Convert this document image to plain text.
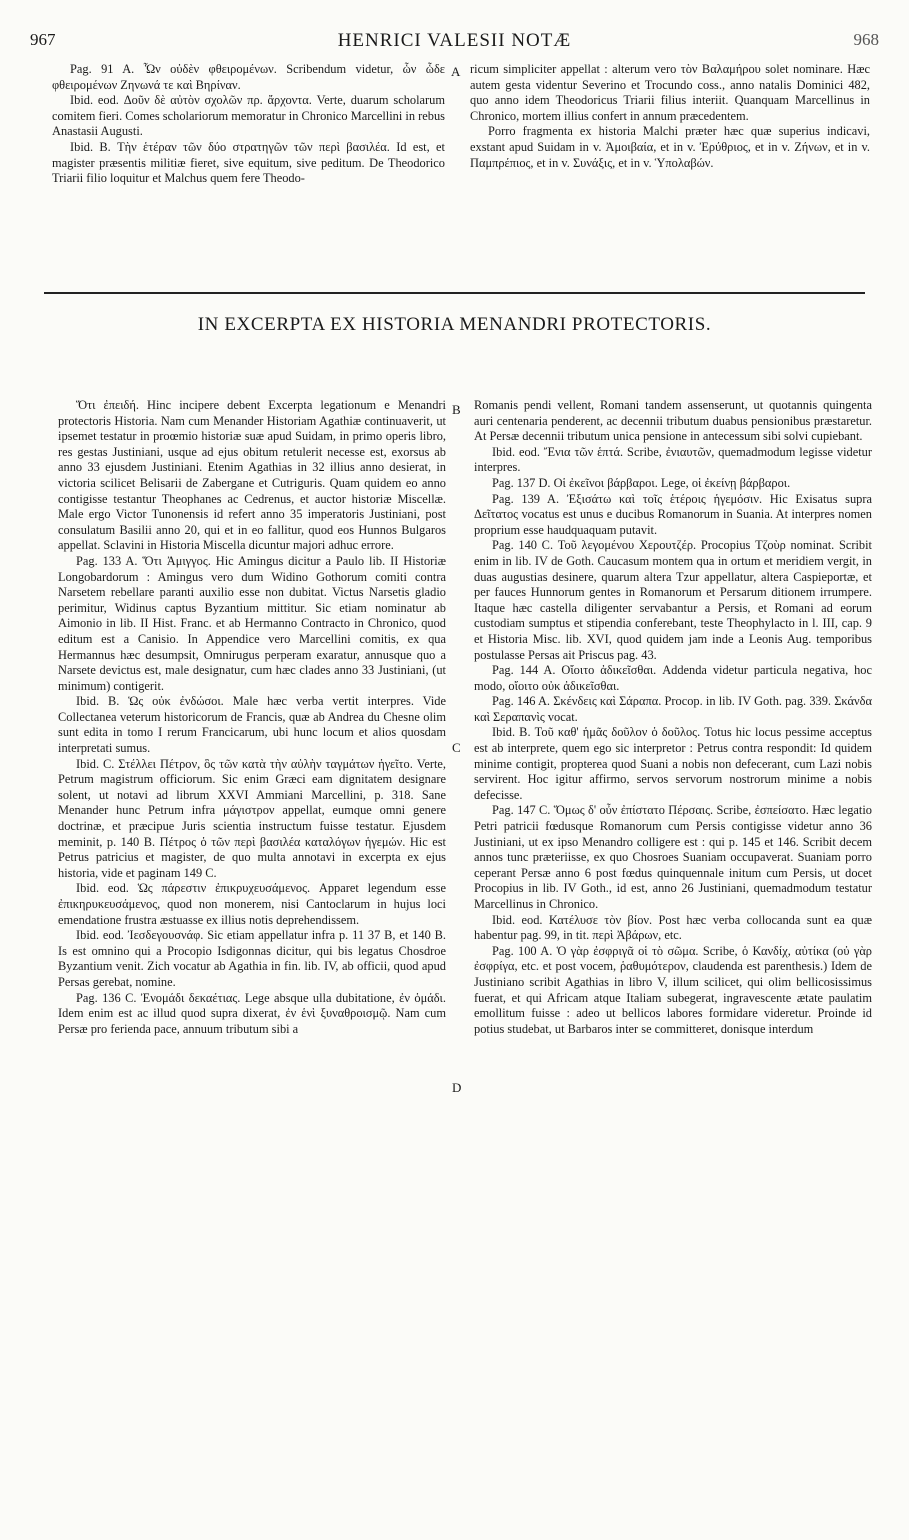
967	HENRICI VALESII NOTÆ	968

Pag. 91 A. Ὧν οὐδὲν φθειρομένων. Scribendum videtur, ὧν ὧδε φθειρομένων Ζηνωνά τε καὶ Βηρίναν.

Ibid. eod. Δοῦν δὲ αὐτὸν σχολῶν πρ. ἄρχοντα. Verte, duarum scholarum comitem fieri. Comes scholariorum memoratur in Chronico Marcellini in rebus Anastasii Augusti.

Ibid. B. Τὴν ἑτέραν τῶν δύο στρατηγῶν τῶν περὶ βασιλέα. Id est, et magister præsentis militiæ fieret, sive equitum, sive peditum. De Theodorico Triarii filio loquitur et Malchus quem fere Theodo-

A ricum simpliciter appellat : alterum vero τὸν Βαλαμήρου solet nominare. Hæc autem gesta videntur Severino et Trocundo coss., anno natalis Dominici 482, quo anno idem Theodoricus Triarii filius interiit. Quanquam Marcellinus in Chronico, mortem illius confert in annum præcedentem.

Porro fragmenta ex historia Malchi præter hæc quæ superius indicavi, exstant apud Suidam in v. Ἀμοιβαία, et in v. Ἐρύθριος, et in v. Ζήνων, et in v. Παμπρέπιος, et in v. Συνάξις, et in v. Ὑπολαβών.

IN EXCERPTA EX HISTORIA MENANDRI PROTECTORIS.

Ὅτι ἐπειδή. Hinc incipere debent Excerpta legationum e Menandri protectoris Historia. Nam cum Menander Historiam Agathiæ continuaverit, ut ipsemet testatur in proœmio historiæ suæ apud Suidam, in primo operis libro, res gestas Justiniani, usque ad ejus obitum retulerit necesse est, exorsus ab anno 33 ejusdem Justiniani. Etenim Agathias in 32 illius anno desierat, in victoria scilicet Belisarii de Zabergane et Cutriguris. Quam quidem eo anno contigisse testantur Theophanes ac Cedrenus, et auctor historiæ Miscellæ. Male ergo Victor Tunonensis id refert anno 35 imperatoris Justiniani, post consulatum Basilii anno 20, qui et in eo fallitur, quod eos Hunnos Bulgaros appellat. Sclavini in Historia Miscella dicuntur majori adhuc errore.

Pag. 133 A. Ὅτι Ἀμιγγος. Hic Amingus dicitur a Paulo lib. II Historiæ Longobardorum : Amingus vero dum Widino Gothorum comiti contra Narsetem rebellare paranti auxilio esse non dubitat. Victus Narsetis gladio perimitur, Widinus captus Byzantium mittitur. Sic etiam nominatur ab Aimonio in lib. II Hist. Franc. et ab Hermanno Contracto in Chronico, quod editum est a Canisio. In Appendice vero Marcellini comitis, ex qua Hermannus hæc desumpsit, Omnirugus perperam exaratur, annusque quo a Narsete devictus est, male designatur, cum hæc clades anno 33 Justiniani, (ut minimum) contigerit.

Ibid. B. Ὡς οὐκ ἐνδώσοι. Male hæc verba vertit interpres. Vide Collectanea veterum historicorum de Francis, quæ ab Andrea du Chesne olim sunt edita in tomo I rerum Francicarum, ubi hunc locum et alios quosdam interpretati sumus.

Ibid. C. Στέλλει Πέτρον, ὃς τῶν κατὰ τὴν αὐλὴν ταγμάτων ἡγεῖτο. Verte, Petrum magistrum officiorum. Sic enim Græci eam dignitatem designare solent, ut notavi ad librum XXVI Ammiani Marcellini, p. 318. Sane Menander hunc Petrum infra μάγιστρον appellat, eumque omni genere doctrinæ, et præcipue Juris scientia instructum fuisse testatur. Ejusdem meminit, p. 140 B. Πέτρος ὁ τῶν περὶ βασιλέα καταλόγων ἡγεμών. Hic est Petrus patricius et magister, de quo multa annotavi in excerpta ex ejus historia, vide et paginam 149 C.

Ibid. eod. Ὡς πάρεστιν ἐπικρυχευσάμενος. Apparet legendum esse ἐπικηρυκευσάμενος, quod non monerem, nisi Cantoclarum in hujus loci emendatione frustra æstuasse ex illius notis deprehendissem.

Ibid. eod. Ἰεσδεγουσνάφ. Sic etiam appellatur infra p. 11 37 B, et 140 B. Is est omnino qui a Procopio Isdigonnas dicitur, qui bis legatus Chosdroe Byzantium venit. Zich vocatur ab Agathia in fin. lib. IV, ab officii, quod apud Persas gerebat, nomine.

Pag. 136 C. Ἐνομάδι δεκαέτιας. Lege absque ulla dubitatione, ἐν ὁμάδι. Idem enim est ac illud quod supra dixerat, ἐν ἑνὶ ξυναθροισμῷ. Nam cum Persæ pro ferienda pace, annuum tributum sibi a

B
C
D

Romanis pendi vellent, Romani tandem assenserunt, ut quotannis quingenta auri centenaria penderent, ac decennii tributum duabus pensionibus præstaretur. At Persæ decennii tributum unica pensione in antecessum sibi solvi cupiebant.

Ibid. eod. Ἔνια τῶν ἑπτά. Scribe, ἐνιαυτῶν, quemadmodum legisse videtur interpres.

Pag. 137 D. Οἱ ἐκεῖνοι βάρβαροι. Lege, οἱ ἐκείνῃ βάρβαροι.

Pag. 139 A. Ἐξισάτω καὶ τοῖς ἑτέροις ἡγεμόσιν. Hic Exisatus supra Δεῖτατος vocatus est unus e ducibus Romanorum in Suania. At interpres nomen proprium esse haudquaquam putavit.

Pag. 140 C. Τοῦ λεγομένου Χερουτζέρ. Procopius Τζοὺρ nominat. Scribit enim in lib. IV de Goth. Caucasum montem qua in ortum et meridiem vergit, in duas augustias desinere, quarum altera Tzur appellatur, altera Caspieportæ, et per fauces Hunnorum gentes in Romanorum et Persarum ditionem irrumpere. Itaque hæc castella diligenter servabantur a Persis, et Romani ad eorum custodiam sumptus et stipendia conferebant, teste Theophylacto in l. III, cap. 9 et Historia Misc. lib. XVI, quod quidem jam inde a Leonis Aug. temporibus postulasse Persas ait Priscus pag. 43.

Pag. 144 A. Οἴοιτο ἀδικεῖσθαι. Addenda videtur particula negativa, hoc modo, οἴοιτο οὐκ ἀδικεῖσθαι.

Pag. 146 A. Σκένδεις καὶ Σάραπα. Procop. in lib. IV Goth. pag. 339. Σκάνδα καὶ Σεραπανὶς vocat.

Ibid. B. Τοῦ καθ' ἡμᾶς δοῦλον ὁ δοῦλος. Totus hic locus pessime acceptus est ab interprete, quem ego sic interpretor : Petrus contra respondit: Id quidem minime contigit, propterea quod Suani a nobis non defecerant, cum Lazi nobis servirent. Hoc igitur affirmo, servos servorum nostrorum minime a nobis defecisse.

Pag. 147 C. Ὅμως δ' οὖν ἐπίστατο Πέρσαις. Scribe, ἐσπείσατο. Hæc legatio Petri patricii fœdusque Romanorum cum Persis contigisse videtur anno 36 Justiniani, ut ex ipso Menandro colligere est : qui p. 145 et 146. Scribit decem annos tunc præteriisse, ex quo Chosroes Suaniam occupaverat. Suaniam porro ceperant Persæ anno 6 post fœdus quinquennale initum cum Persis, ut docet Procopius in lib. IV Goth., id est, anno 26 Justiniani, quemadmodum testatur Marcellinus in Chronico.

Ibid. eod. Κατέλυσε τὸν βίον. Post hæc verba collocanda sunt ea quæ habentur pag. 99, in tit. περὶ Ἀβάρων, etc.

Pag. 100 A. Ὁ γὰρ ἐσφριγᾶ οἱ τὸ σῶμα. Scribe, ὁ Κανδίχ, αὐτίκα (οὐ γὰρ ἐσφρίγα, etc. et post vocem, ῥαθυμότερον, claudenda est parenthesis.) Idem de Justiniano scribit Agathias in libro V, illum scilicet, qui olim bellicosissimus fuerat, et qui Africam atque Italiam subegerat, ingravescente ætate paulatim emollitum fuisse : adeo ut bellicos labores formidare videretur. Proinde id potius studebat, ut Barbaros inter se committeret, donisque interdum
